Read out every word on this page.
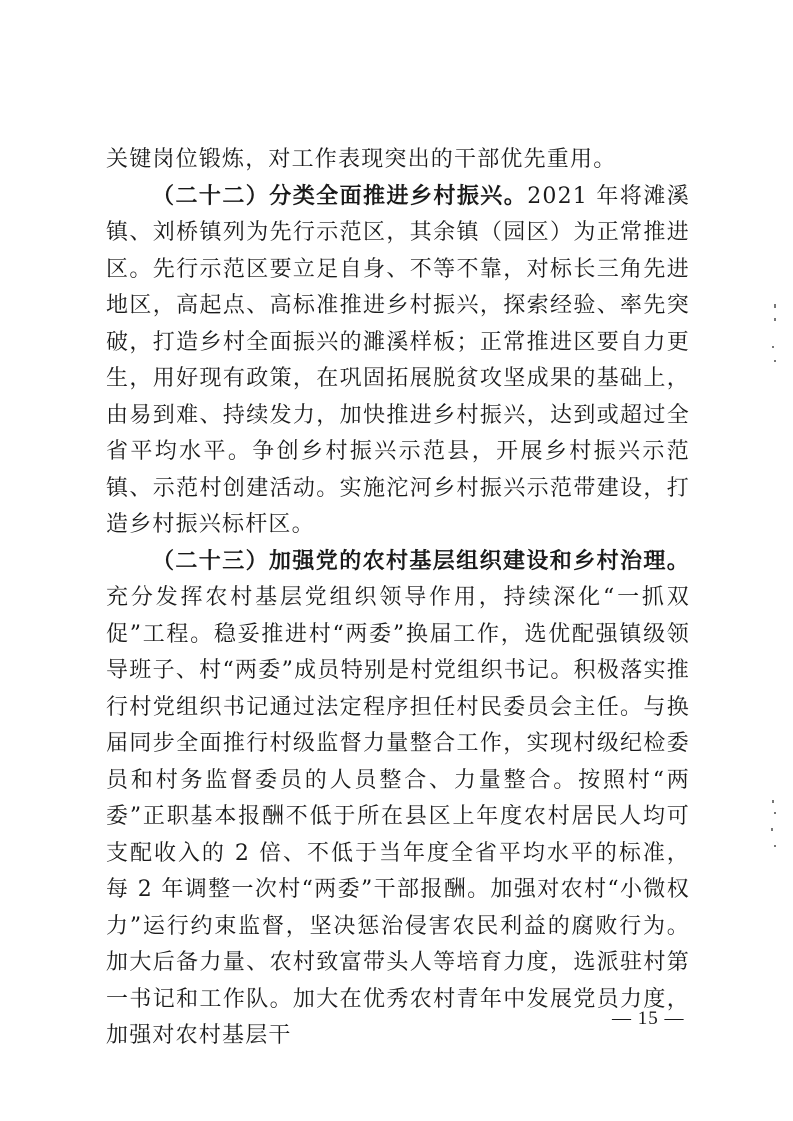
关键岗位锻炼，对工作表现突出的干部优先重用。

（二十二）分类全面推进乡村振兴。2021 年将滩溪镇、刘桥镇列为先行示范区，其余镇（园区）为正常推进区。先行示范区要立足自身、不等不靠，对标长三角先进地区，高起点、高标准推进乡村振兴，探索经验、率先突破，打造乡村全面振兴的濉溪样板；正常推进区要自力更生，用好现有政策，在巩固拓展脱贫攻坚成果的基础上，由易到难、持续发力，加快推进乡村振兴，达到或超过全省平均水平。争创乡村振兴示范县，开展乡村振兴示范镇、示范村创建活动。实施沱河乡村振兴示范带建设，打造乡村振兴标杆区。

（二十三）加强党的农村基层组织建设和乡村治理。充分发挥农村基层党组织领导作用，持续深化“一抓双促”工程。稳妥推进村“两委”换届工作，选优配强镇级领导班子、村“两委”成员特别是村党组织书记。积极落实推行村党组织书记通过法定程序担任村民委员会主任。与换届同步全面推行村级监督力量整合工作，实现村级纪检委员和村务监督委员的人员整合、力量整合。按照村“两委”正职基本报酬不低于所在县区上年度农村居民人均可支配收入的 2 倍、不低于当年度全省平均水平的标准，每 2 年调整一次村“两委”干部报酬。加强对农村“小微权力”运行约束监督，坚决惩治侵害农民利益的腐败行为。加大后备力量、农村致富带头人等培育力度，选派驻村第一书记和工作队。加大在优秀农村青年中发展党员力度，加强对农村基层干

— 15 —
